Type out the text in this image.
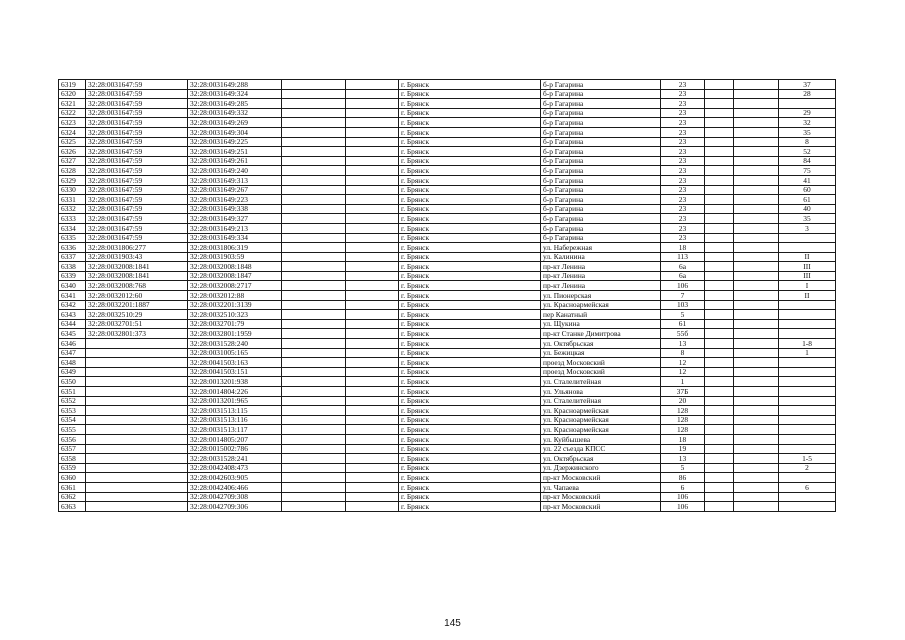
6319	32:28:0031647:59	32:28:0031649:288			г. Брянск	б-р Гагарина	23			37
6320	32:28:0031647:59	32:28:0031649:324			г. Брянск	б-р Гагарина	23			28
6321	32:28:0031647:59	32:28:0031649:285			г. Брянск	б-р Гагарина	23			
6322	32:28:0031647:59	32:28:0031649:332			г. Брянск	б-р Гагарина	23			29
6323	32:28:0031647:59	32:28:0031649:269			г. Брянск	б-р Гагарина	23			32
6324	32:28:0031647:59	32:28:0031649:304			г. Брянск	б-р Гагарина	23			35
6325	32:28:0031647:59	32:28:0031649:225			г. Брянск	б-р Гагарина	23			8
6326	32:28:0031647:59	32:28:0031649:251			г. Брянск	б-р Гагарина	23			52
6327	32:28:0031647:59	32:28:0031649:261			г. Брянск	б-р Гагарина	23			84
6328	32:28:0031647:59	32:28:0031649:240			г. Брянск	б-р Гагарина	23			75
6329	32:28:0031647:59	32:28:0031649:313			г. Брянск	б-р Гагарина	23			41
6330	32:28:0031647:59	32:28:0031649:267			г. Брянск	б-р Гагарина	23			60
6331	32:28:0031647:59	32:28:0031649:223			г. Брянск	б-р Гагарина	23			61
6332	32:28:0031647:59	32:28:0031649:338			г. Брянск	б-р Гагарина	23			40
6333	32:28:0031647:59	32:28:0031649:327			г. Брянск	б-р Гагарина	23			35
6334	32:28:0031647:59	32:28:0031649:213			г. Брянск	б-р Гагарина	23			3
6335	32:28:0031647:59	32:28:0031649:334			г. Брянск	б-р Гагарина	23			
6336	32:28:0031806:277	32:28:0031806:319			г. Брянск	ул. Набережная	18			
6337	32:28:0031903:43	32:28:0031903:59			г. Брянск	ул. Калинина	113			II
6338	32:28:0032008:1841	32:28:0032008:1848			г. Брянск	пр-кт Ленина	6а			III
6339	32:28:0032008:1841	32:28:0032008:1847			г. Брянск	пр-кт Ленина	6а			III
6340	32:28:0032008:768	32:28:0032008:2717			г. Брянск	пр-кт Ленина	106			I
6341	32:28:0032012:60	32:28:0032012:88			г. Брянск	ул. Пионерская	7			II
6342	32:28:0032201:1887	32:28:0032201:3139			г. Брянск	ул. Красноармейская	103			
6343	32:28:0032510:29	32:28:0032510:323			г. Брянск	пер Канатный	5			
6344	32:28:0032701:51	32:28:0032701:79			г. Брянск	ул. Щукина	61			
6345	32:28:0032801:373	32:28:0032801:1959			г. Брянск	пр-кт Станке Димитрова	55б			
6346		32:28:0031528:240			г. Брянск	ул. Октябрьская	13			1-8
6347		32:28:0031005:165			г. Брянск	ул. Бежицкая	8			1
6348		32:28:0041503:163			г. Брянск	проезд Московский	12			
6349		32:28:0041503:151			г. Брянск	проезд Московский	12			
6350		32:28:0013201:938			г. Брянск	ул. Сталелитейная	1			
6351		32:28:0014804:226			г. Брянск	ул. Ульянова	37Б			
6352		32:28:0013201:965			г. Брянск	ул. Сталелитейная	20			
6353		32:28:0031513:115			г. Брянск	ул. Красноармейская	128			
6354		32:28:0031513:116			г. Брянск	ул. Красноармейская	128			
6355		32:28:0031513:117			г. Брянск	ул. Красноармейская	128			
6356		32:28:0014805:207			г. Брянск	ул. Куйбышева	18			
6357		32:28:0015002:786			г. Брянск	ул. 22 съезда КПСС	19			
6358		32:28:0031528:241			г. Брянск	ул. Октябрьская	13			1-5
6359		32:28:0042408:473			г. Брянск	ул. Дзержинского	5			2
6360		32:28:0042603:905			г. Брянск	пр-кт Московский	86			
6361		32:28:0042406:466			г. Брянск	ул. Чапаева	6			6
6362		32:28:0042709:308			г. Брянск	пр-кт Московский	106			
6363		32:28:0042709:306			г. Брянск	пр-кт Московский	106			
145
